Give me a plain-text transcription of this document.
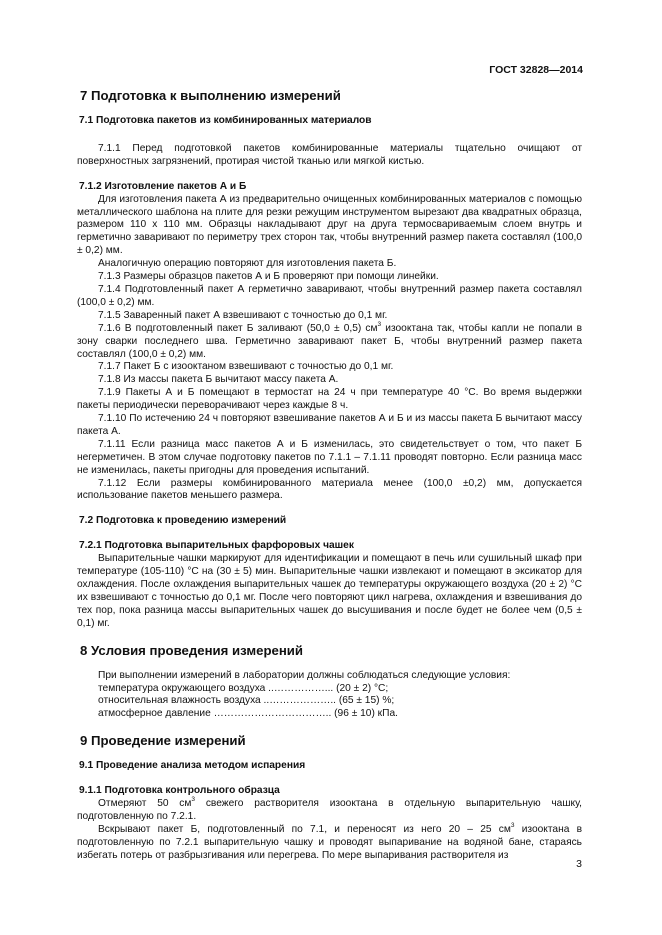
ГОСТ 32828—2014
7 Подготовка к выполнению измерений
7.1 Подготовка пакетов из комбинированных материалов

7.1.1 Перед подготовкой пакетов комбинированные материалы тщательно очищают от поверхностных загрязнений, протирая чистой тканью или мягкой кистью.

7.1.2 Изготовление пакетов А и Б

Для изготовления пакета А из предварительно очищенных комбинированных материалов с помощью металлического шаблона на плите для резки режущим инструментом вырезают два квадратных образца, размером 110 х 110 мм. Образцы накладывают друг на друга термосвариваемым слоем внутрь и герметично заваривают по периметру трех сторон так, чтобы внутренний размер пакета составлял (100,0 ± 0,2) мм.

Аналогичную операцию повторяют для изготовления пакета Б.

7.1.3 Размеры образцов пакетов А и Б проверяют при помощи линейки.

7.1.4 Подготовленный пакет А герметично заваривают, чтобы внутренний размер пакета составлял (100,0 ± 0,2) мм.

7.1.5 Заваренный пакет А взвешивают с точностью до 0,1 мг.

7.1.6 В подготовленный пакет Б заливают (50,0 ± 0,5) $см^3$ изооктана так, чтобы капли не попали в зону сварки последнего шва. Герметично заваривают пакет Б, чтобы внутренний размер пакета составлял (100,0 ± 0,2) мм.

7.1.7 Пакет Б с изооктаном взвешивают с точностью до 0,1 мг.

7.1.8 Из массы пакета Б вычитают массу пакета А.

7.1.9 Пакеты А и Б помещают в термостат на 24 ч при температуре 40 °С. Во время выдержки пакеты периодически переворачивают через каждые 8 ч.

7.1.10 По истечению 24 ч повторяют взвешивание пакетов А и Б и из массы пакета Б вычитают массу пакета А.

7.1.11 Если разница масс пакетов А и Б изменилась, это свидетельствует о том, что пакет Б негерметичен. В этом случае подготовку пакетов по 7.1.1 – 7.1.11 проводят повторно. Если разница масс не изменилась, пакеты пригодны для проведения испытаний.

7.1.12 Если размеры комбинированного материала менее (100,0 ±0,2) мм, допускается использование пакетов меньшего размера.

7.2 Подготовка к проведению измерений
7.2.1 Подготовка выпарительных фарфоровых чашек

Выпарительные чашки маркируют для идентификации и помещают в печь или сушильный шкаф при температуре (105-110) °С на (30 ± 5) мин. Выпарительные чашки извлекают и помещают в эксикатор для охлаждения. После охлаждения выпарительных чашек до температуры окружающего воздуха (20 ± 2) °С их взвешивают с точностью до 0,1 мг. После чего повторяют цикл нагрева, охлаждения и взвешивания до тех пор, пока разница массы выпарительных чашек до высушивания и после будет не более чем (0,5 ± 0,1) мг.

8 Условия проведения измерений

При выполнении измерений в лаборатории должны соблюдаться следующие условия:

температура окружающего воздуха ..……………... (20 ± 2) °С;

относительная влажность воздуха ..……………….. (65 ± 15) %;

атмосферное давление …………………………….. (96 ± 10) кПа.

9 Проведение измерений
9.1 Проведение анализа методом испарения
9.1.1 Подготовка контрольного образца

Отмеряют 50 $см^3$ свежего растворителя изооктана в отдельную выпарительную чашку, подготовленную по 7.2.1.

Вскрывают пакет Б, подготовленный по 7.1, и переносят из него 20 – 25 $см^3$ изооктана в подготовленную по 7.2.1 выпарительную чашку и проводят выпаривание на водяной бане, стараясь избегать потерь от разбрызгивания или перегрева. По мере выпаривания растворителя из

3
